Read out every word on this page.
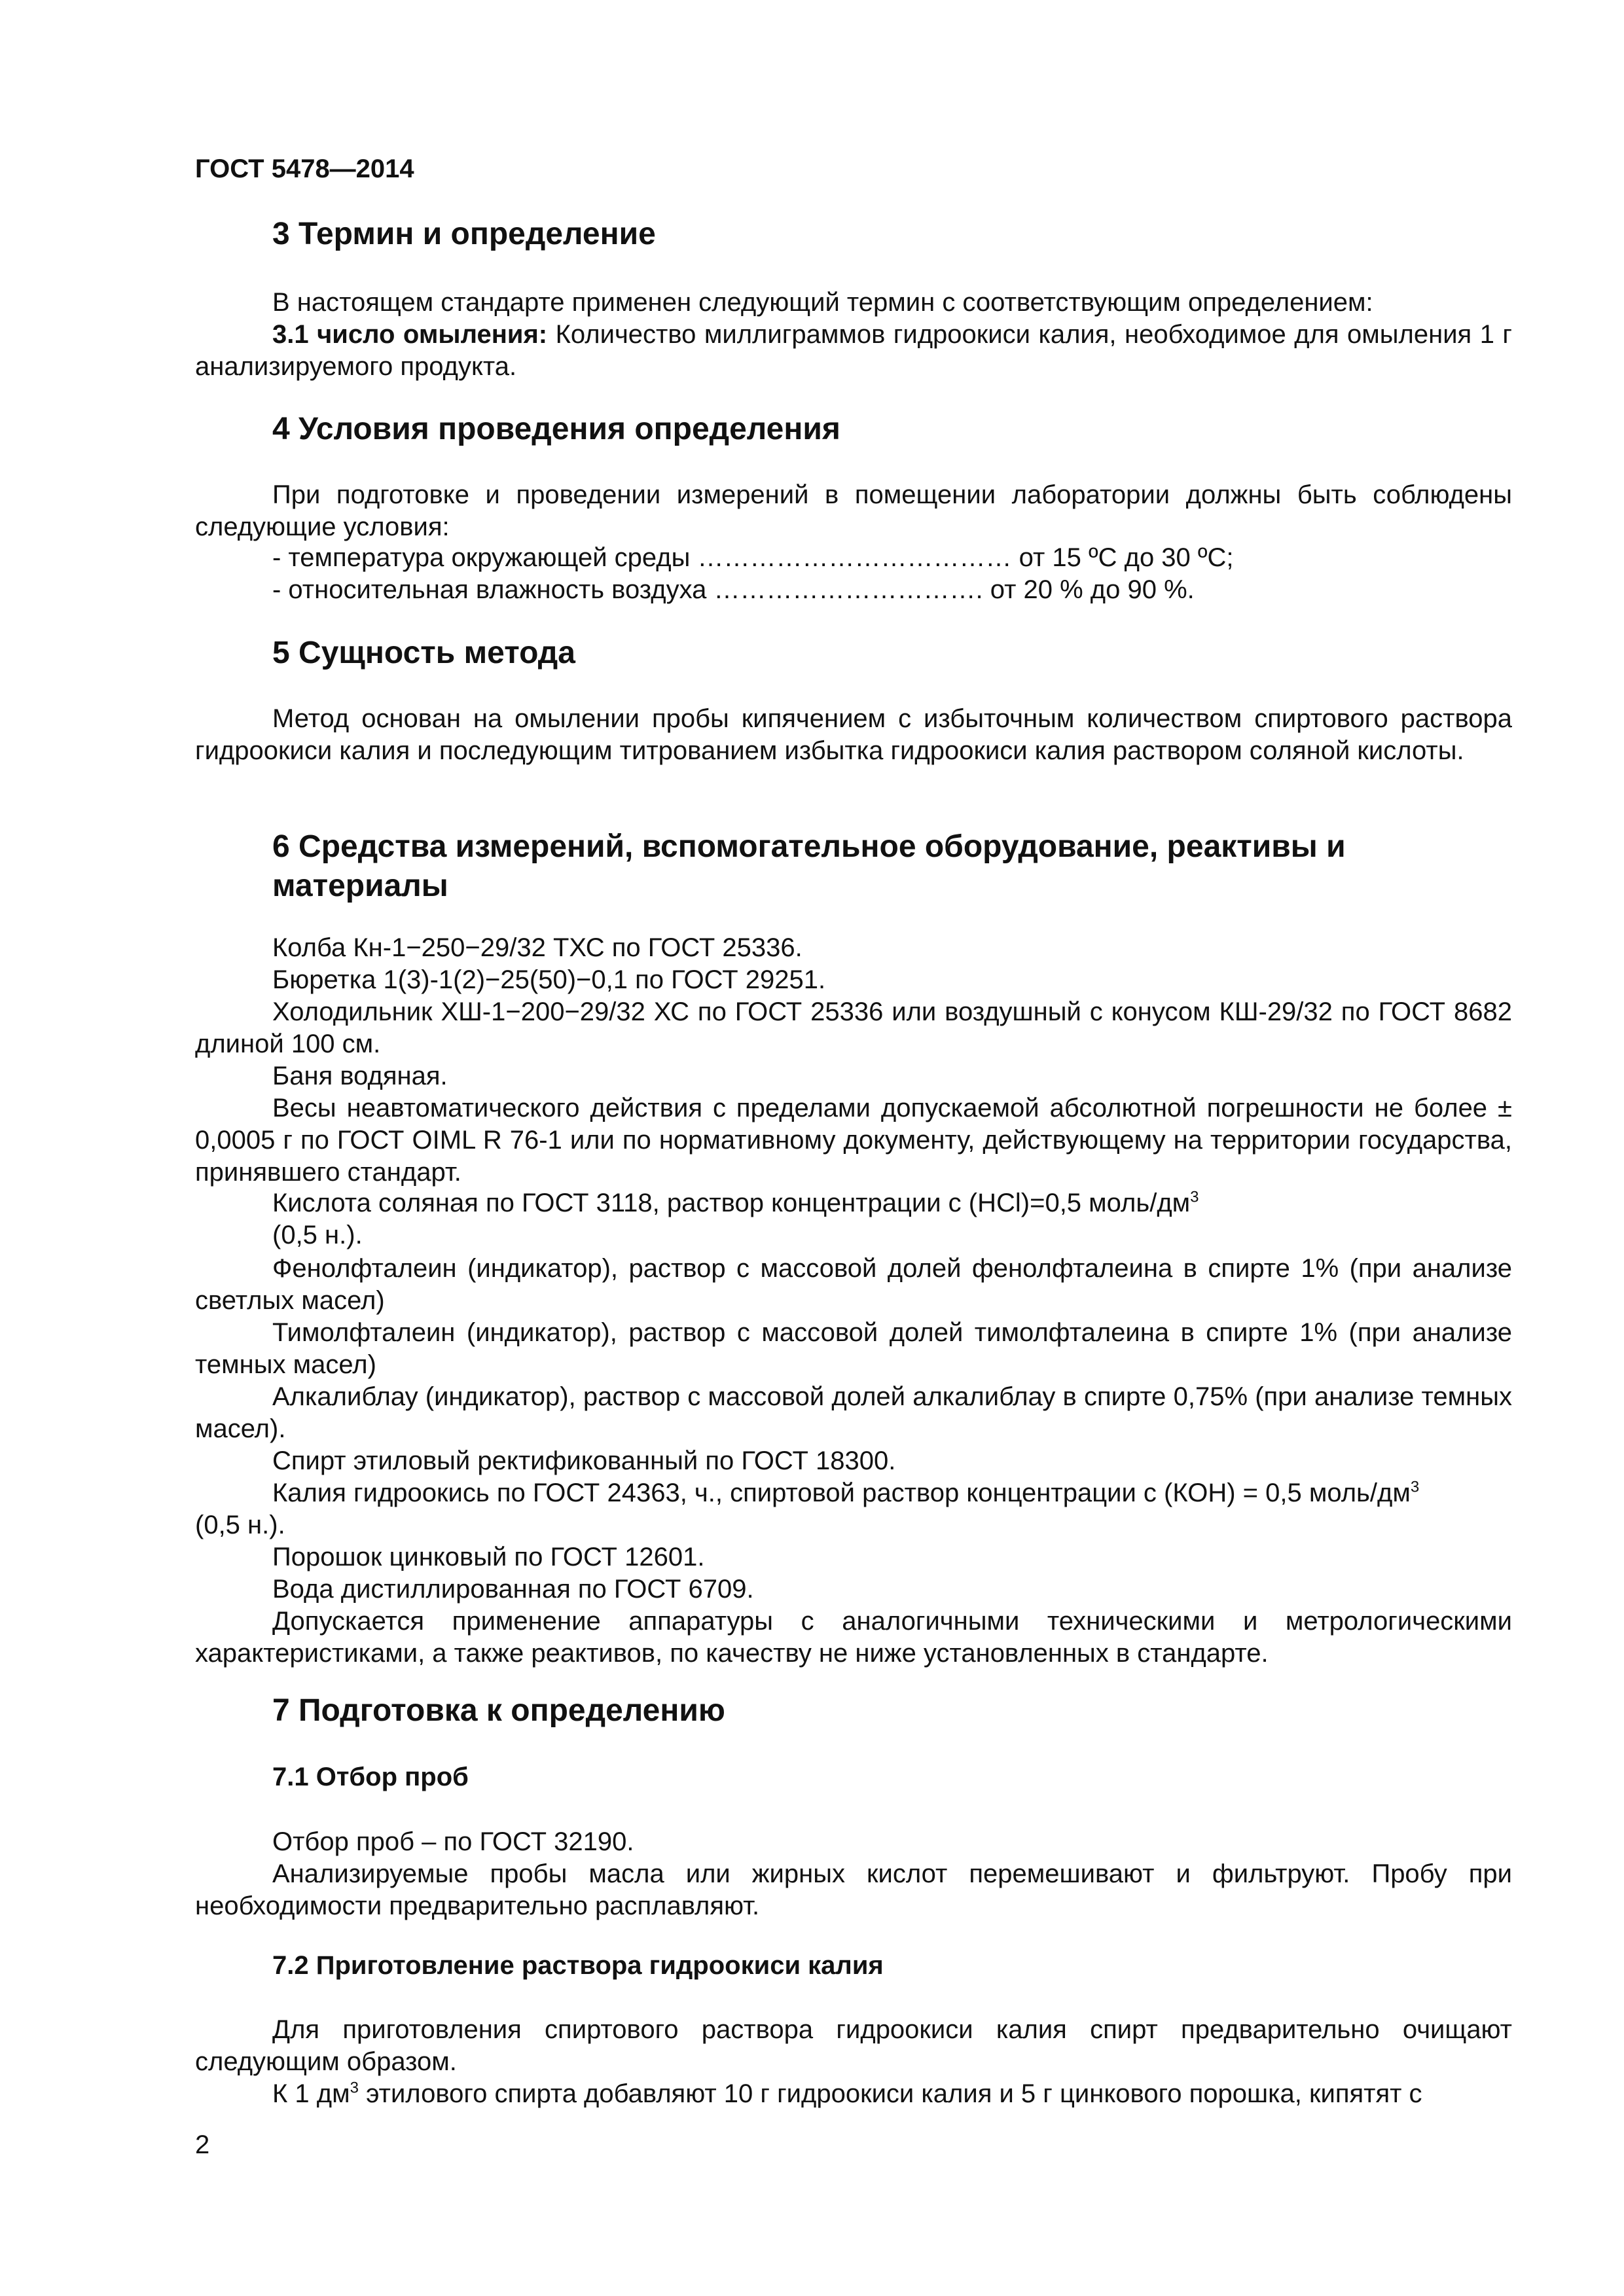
ГОСТ 5478—2014
3 Термин и определение
В настоящем стандарте применен следующий термин с соответствующим определением:
3.1 число омыления: Количество миллиграммов гидроокиси калия, необходимое для омыления 1 г анализируемого продукта.
4 Условия проведения определения
При подготовке и проведении измерений в помещении лаборатории должны быть соблюдены следующие условия:
- температура окружающей среды ……………………………… от 15 ºС до 30 ºС;
- относительная влажность воздуха …………………………. от 20 % до 90 %.
5 Сущность метода
Метод основан на омылении пробы кипячением с избыточным количеством спиртового раствора гидроокиси калия и последующим титрованием избытка гидроокиси калия раствором соляной кислоты.
6 Средства измерений, вспомогательное оборудование, реактивы и материалы
Колба Кн-1−250−29/32 ТХС по ГОСТ 25336.
Бюретка 1(3)-1(2)−25(50)−0,1 по ГОСТ 29251.
Холодильник ХШ-1−200−29/32 ХС по ГОСТ 25336 или воздушный с конусом КШ-29/32 по ГОСТ 8682 длиной 100 см.
Баня водяная.
Весы неавтоматического действия с пределами допускаемой абсолютной погрешности не более ± 0,0005 г по ГОСТ OIML R 76-1 или по нормативному документу, действующему на территории государства, принявшего стандарт.
Кислота соляная по ГОСТ 3118, раствор концентрации с (HCl)=0,5 моль/$дм^3$
(0,5 н.).
Фенолфталеин (индикатор), раствор с массовой долей фенолфталеина в спирте 1% (при анализе светлых масел)
Тимолфталеин (индикатор), раствор с массовой долей тимолфталеина в спирте 1% (при анализе темных масел)
Алкалиблау (индикатор), раствор с массовой долей алкалиблау в спирте 0,75% (при анализе темных масел).
Спирт этиловый ректификованный по ГОСТ 18300.
Калия гидроокись по ГОСТ 24363, ч., спиртовой раствор концентрации с (КОН) = 0,5 моль/$дм^3$
(0,5 н.).
Порошок цинковый по ГОСТ 12601.
Вода дистиллированная по ГОСТ 6709.
Допускается применение аппаратуры с аналогичными техническими и метрологическими характеристиками, а также реактивов, по качеству не ниже установленных в стандарте.
7 Подготовка к определению
7.1 Отбор проб
Отбор проб – по ГОСТ 32190.
Анализируемые пробы масла или жирных кислот перемешивают и фильтруют. Пробу при необходимости предварительно расплавляют.
7.2 Приготовление раствора гидроокиси калия
Для приготовления спиртового раствора гидроокиси калия спирт предварительно очищают следующим образом.
К 1 $дм^3$ этилового спирта добавляют 10 г гидроокиси калия и 5 г цинкового порошка, кипятят с
2
